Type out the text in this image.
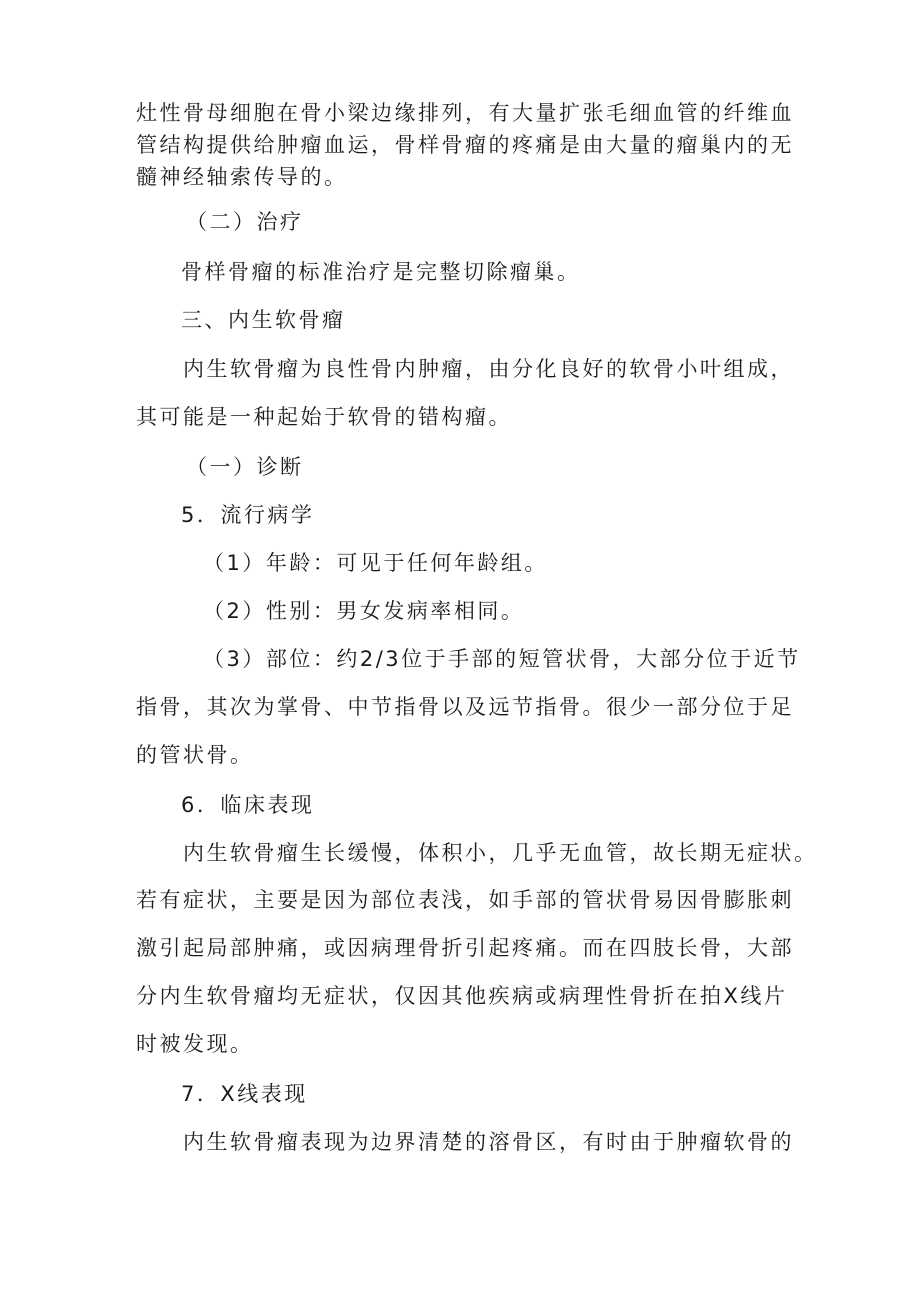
灶性骨母细胞在骨小梁边缘排列，有大量扩张毛细血管的纤维血
管结构提供给肿瘤血运，骨样骨瘤的疼痛是由大量的瘤巢内的无
髓神经轴索传导的。
（二）治疗
骨样骨瘤的标准治疗是完整切除瘤巢。
三、内生软骨瘤
内生软骨瘤为良性骨内肿瘤，由分化良好的软骨小叶组成，
其可能是一种起始于软骨的错构瘤。
（一）诊断
5．流行病学
（1）年龄：可见于任何年龄组。
（2）性别：男女发病率相同。
（3）部位：约2/3位于手部的短管状骨，大部分位于近节
指骨，其次为掌骨、中节指骨以及远节指骨。很少一部分位于足
的管状骨。
6．临床表现
内生软骨瘤生长缓慢，体积小，几乎无血管，故长期无症状。
若有症状，主要是因为部位表浅，如手部的管状骨易因骨膨胀刺
激引起局部肿痛，或因病理骨折引起疼痛。而在四肢长骨，大部
分内生软骨瘤均无症状，仅因其他疾病或病理性骨折在拍X线片
时被发现。
7．X线表现
内生软骨瘤表现为边界清楚的溶骨区，有时由于肿瘤软骨的
